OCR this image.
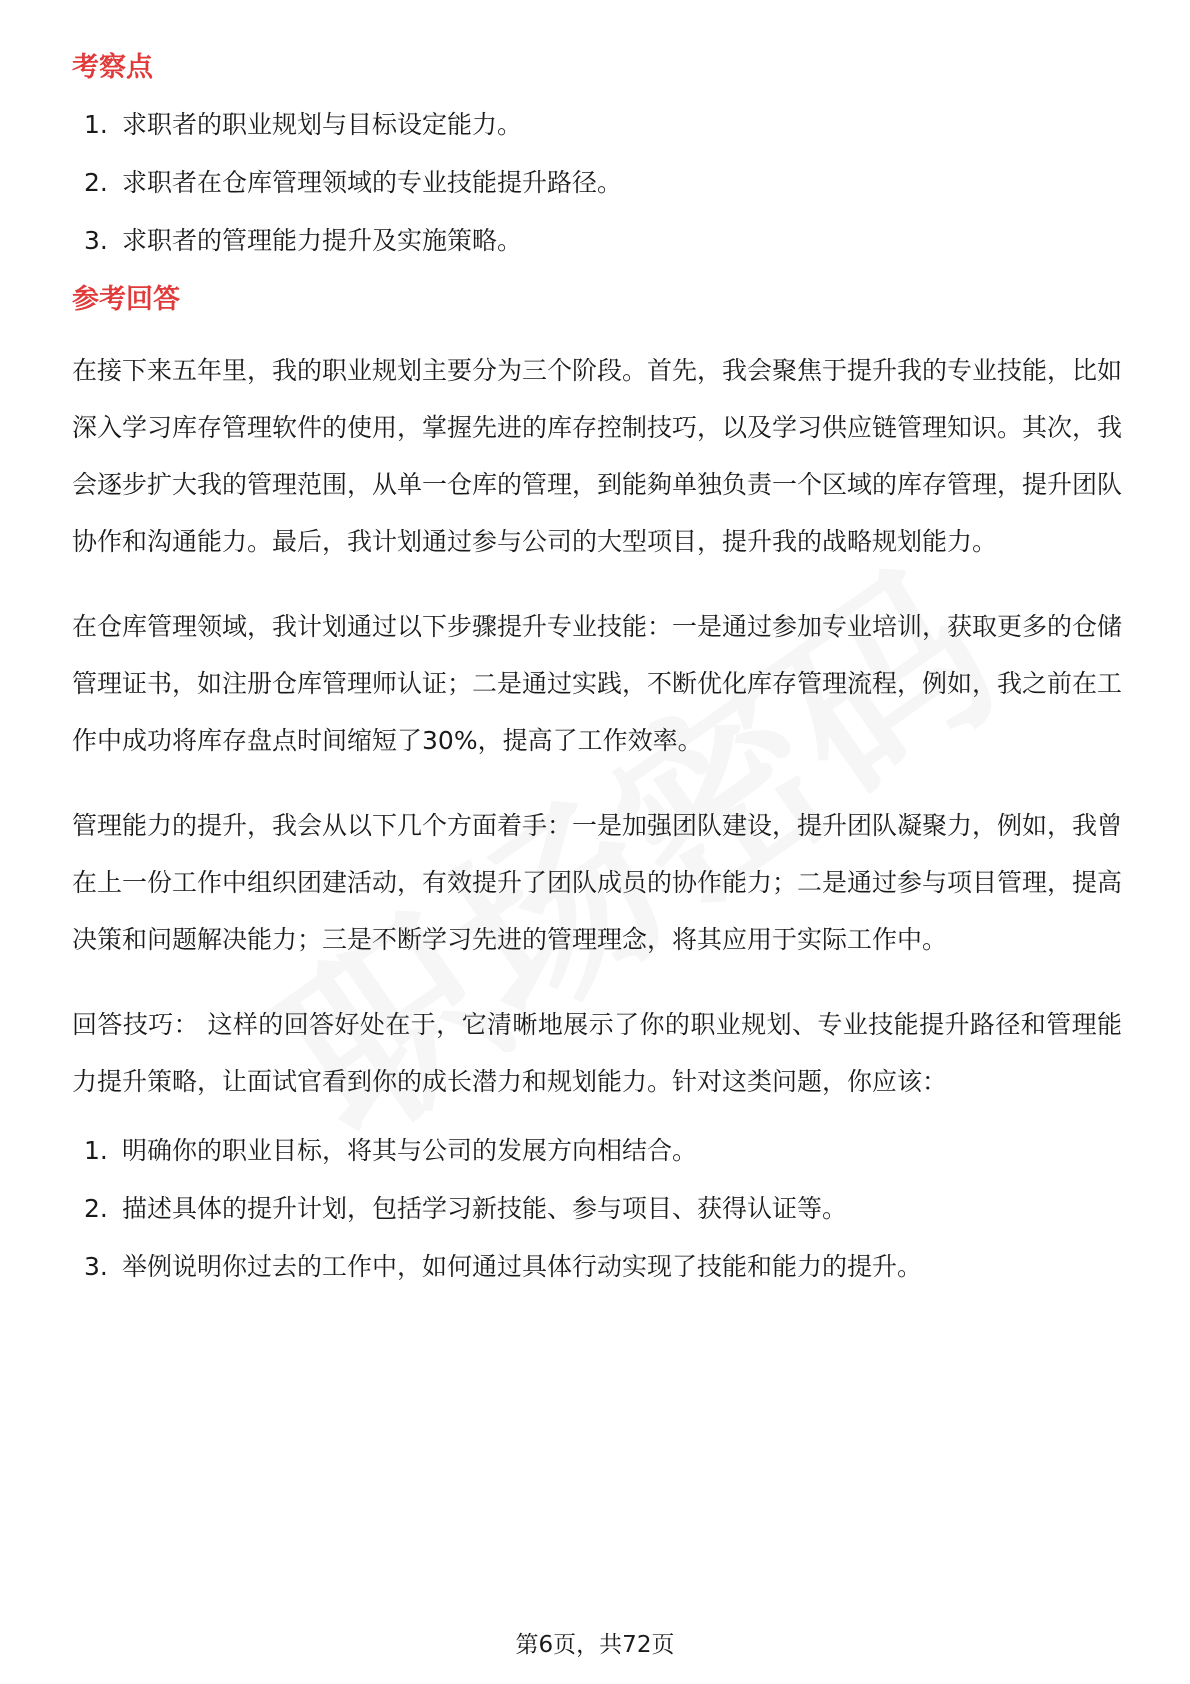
考察点
1. 求职者的职业规划与目标设定能力。
2. 求职者在仓库管理领域的专业技能提升路径。
3. 求职者的管理能力提升及实施策略。
参考回答

在接下来五年里，我的职业规划主要分为三个阶段。首先，我会聚焦于提升我的专业技能，比如深入学习库存管理软件的使用，掌握先进的库存控制技巧，以及学习供应链管理知识。其次，我会逐步扩大我的管理范围，从单一仓库的管理，到能夠单独负责一个区域的库存管理，提升团队协作和沟通能力。最后，我计划通过参与公司的大型项目，提升我的战略规划能力。

在仓库管理领域，我计划通过以下步骤提升专业技能：一是通过参加专业培训，获取更多的仓储管理证书，如注册仓库管理师认证；二是通过实践，不断优化库存管理流程，例如，我之前在工作中成功将库存盘点时间缩短了30%，提高了工作效率。

管理能力的提升，我会从以下几个方面着手：一是加强团队建设，提升团队凝聚力，例如，我曾在上一份工作中组织团建活动，有效提升了团队成员的协作能力；二是通过参与项目管理，提高决策和问题解决能力；三是不断学习先进的管理理念，将其应用于实际工作中。

回答技巧： 这样的回答好处在于，它清晰地展示了你的职业规划、专业技能提升路径和管理能力提升策略，让面试官看到你的成长潜力和规划能力。针对这类问题，你应该：

1. 明确你的职业目标，将其与公司的发展方向相结合。
2. 描述具体的提升计划，包括学习新技能、参与项目、获得认证等。
3. 举例说明你过去的工作中，如何通过具体行动实现了技能和能力的提升。
第6页，共72页
